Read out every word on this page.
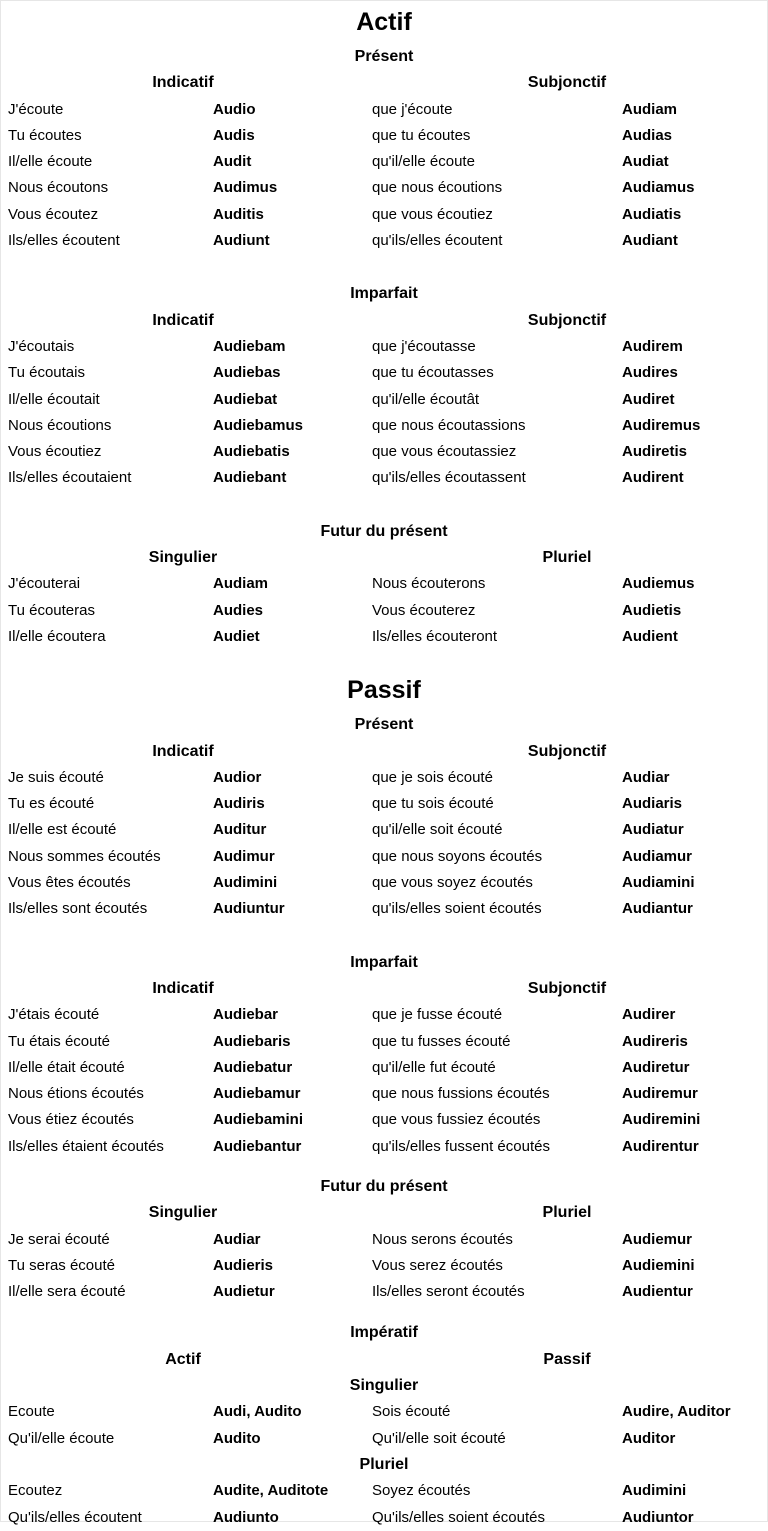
Actif
Présent
Indicatif	Subjonctif
J'écoute	Audio	que j'écoute	Audiam
Tu écoutes	Audis	que tu écoutes	Audias
Il/elle écoute	Audit	qu'il/elle écoute	Audiat
Nous écoutons	Audimus	que nous écoutions	Audiamus
Vous écoutez	Auditis	que vous écoutiez	Audiatis
Ils/elles écoutent	Audiunt	qu'ils/elles écoutent	Audiant
Imparfait
Indicatif	Subjonctif
J'écoutais	Audiebam	que j'écoutasse	Audirem
Tu écoutais	Audiebas	que tu écoutasses	Audires
Il/elle écoutait	Audiebat	qu'il/elle écoutât	Audiret
Nous écoutions	Audiebamus	que nous écoutassions	Audiremus
Vous écoutiez	Audiebatis	que vous écoutassiez	Audiretis
Ils/elles écoutaient	Audiebant	qu'ils/elles écoutassent	Audirent
Futur du présent
Singulier	Pluriel
J'écouterai	Audiam	Nous écouterons	Audiemus
Tu écouteras	Audies	Vous écouterez	Audietis
Il/elle écoutera	Audiet	Ils/elles écouteront	Audient
Passif
Présent
Indicatif	Subjonctif
Je suis écouté	Audior	que je sois écouté	Audiar
Tu es écouté	Audiris	que tu sois écouté	Audiaris
Il/elle est écouté	Auditur	qu'il/elle soit écouté	Audiatur
Nous sommes écoutés	Audimur	que nous soyons écoutés	Audiamur
Vous êtes écoutés	Audimini	que vous soyez écoutés	Audiamini
Ils/elles sont écoutés	Audiuntur	qu'ils/elles soient écoutés	Audiantur
Imparfait
Indicatif	Subjonctif
J'étais écouté	Audiebar	que je fusse écouté	Audirer
Tu étais écouté	Audiebaris	que tu fusses écouté	Audireris
Il/elle était écouté	Audiebatur	qu'il/elle fut écouté	Audiretur
Nous étions écoutés	Audiebamur	que nous fussions écoutés	Audiremur
Vous étiez écoutés	Audiebamini	que vous fussiez écoutés	Audiremini
Ils/elles étaient écoutés	Audiebantur	qu'ils/elles fussent écoutés	Audirentur
Futur du présent
Singulier	Pluriel
Je serai écouté	Audiar	Nous serons écoutés	Audiemur
Tu seras écouté	Audieris	Vous serez écoutés	Audiemini
Il/elle sera écouté	Audietur	Ils/elles seront écoutés	Audientur
Impératif
Actif	Passif
Singulier
Ecoute	Audi, Audito	Sois écouté	Audire, Auditor
Qu'il/elle écoute	Audito	Qu'il/elle soit écouté	Auditor
Pluriel
Ecoutez	Audite, Auditote	Soyez écoutés	Audimini
Qu'ils/elles écoutent	Audiunto	Qu'ils/elles soient écoutés	Audiuntor
